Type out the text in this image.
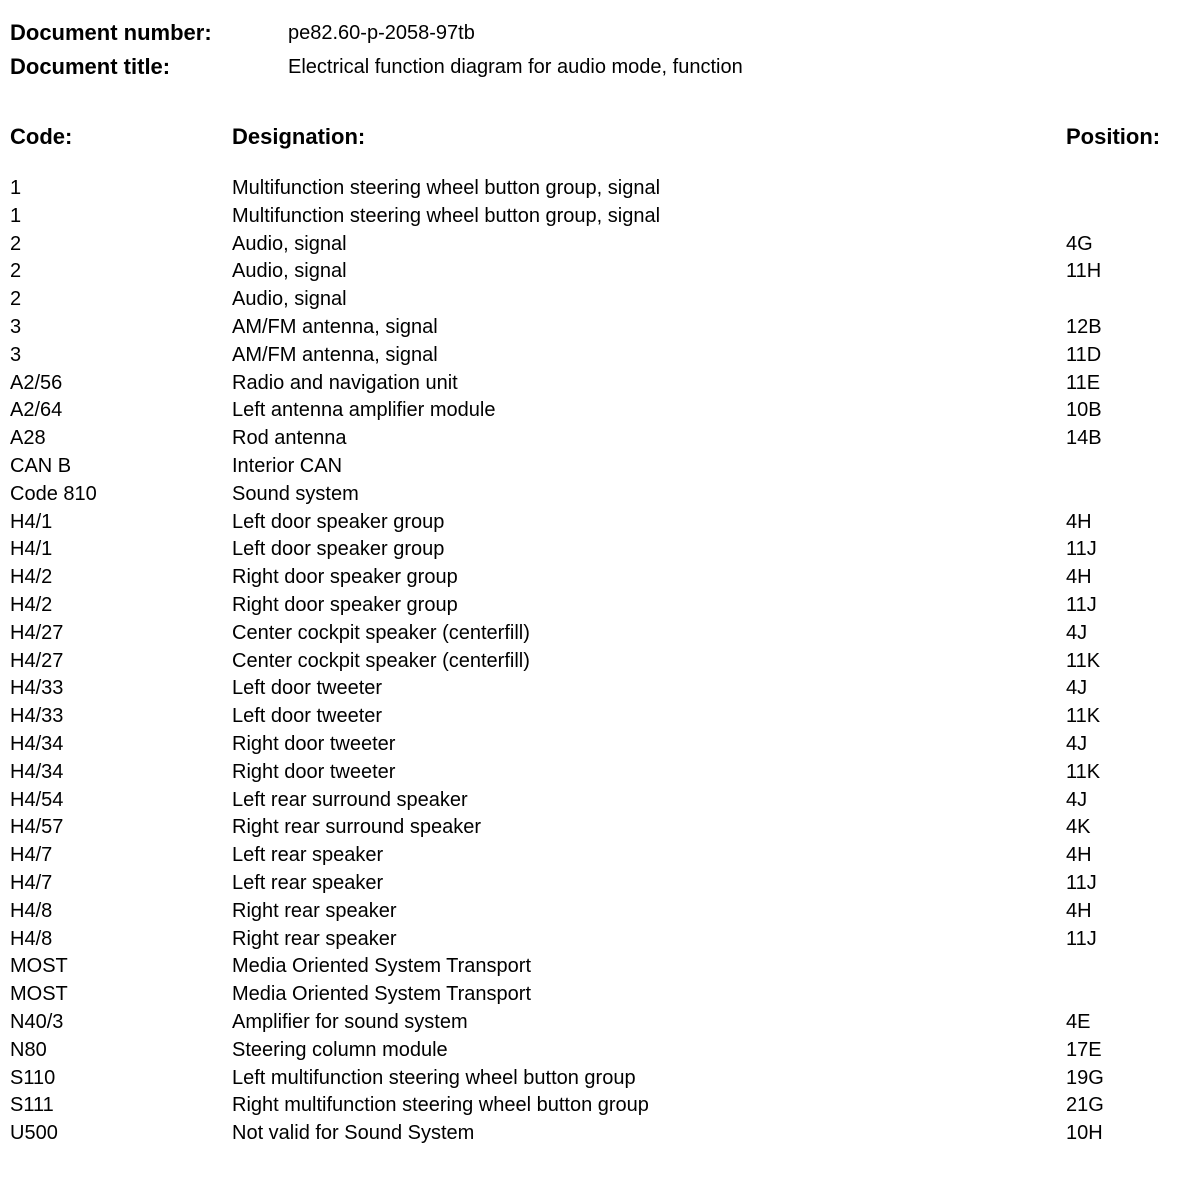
Document number:	pe82.60-p-2058-97tb
Document title:	Electrical function diagram for audio mode, function
Code:	Designation:	Position:
1	Multifunction steering wheel button group, signal
1	Multifunction steering wheel button group, signal
2	Audio, signal	4G
2	Audio, signal	11H
2	Audio, signal
3	AM/FM antenna, signal	12B
3	AM/FM antenna, signal	11D
A2/56	Radio and navigation unit	11E
A2/64	Left antenna amplifier module	10B
A28	Rod antenna	14B
CAN B	Interior CAN
Code 810	Sound system
H4/1	Left door speaker group	4H
H4/1	Left door speaker group	11J
H4/2	Right door speaker group	4H
H4/2	Right door speaker group	11J
H4/27	Center cockpit speaker (centerfill)	4J
H4/27	Center cockpit speaker (centerfill)	11K
H4/33	Left door tweeter	4J
H4/33	Left door tweeter	11K
H4/34	Right door tweeter	4J
H4/34	Right door tweeter	11K
H4/54	Left rear surround speaker	4J
H4/57	Right rear surround speaker	4K
H4/7	Left rear speaker	4H
H4/7	Left rear speaker	11J
H4/8	Right rear speaker	4H
H4/8	Right rear speaker	11J
MOST	Media Oriented System Transport
MOST	Media Oriented System Transport
N40/3	Amplifier for sound system	4E
N80	Steering column module	17E
S110	Left multifunction steering wheel button group	19G
S111	Right multifunction steering wheel button group	21G
U500	Not valid for Sound System	10H
